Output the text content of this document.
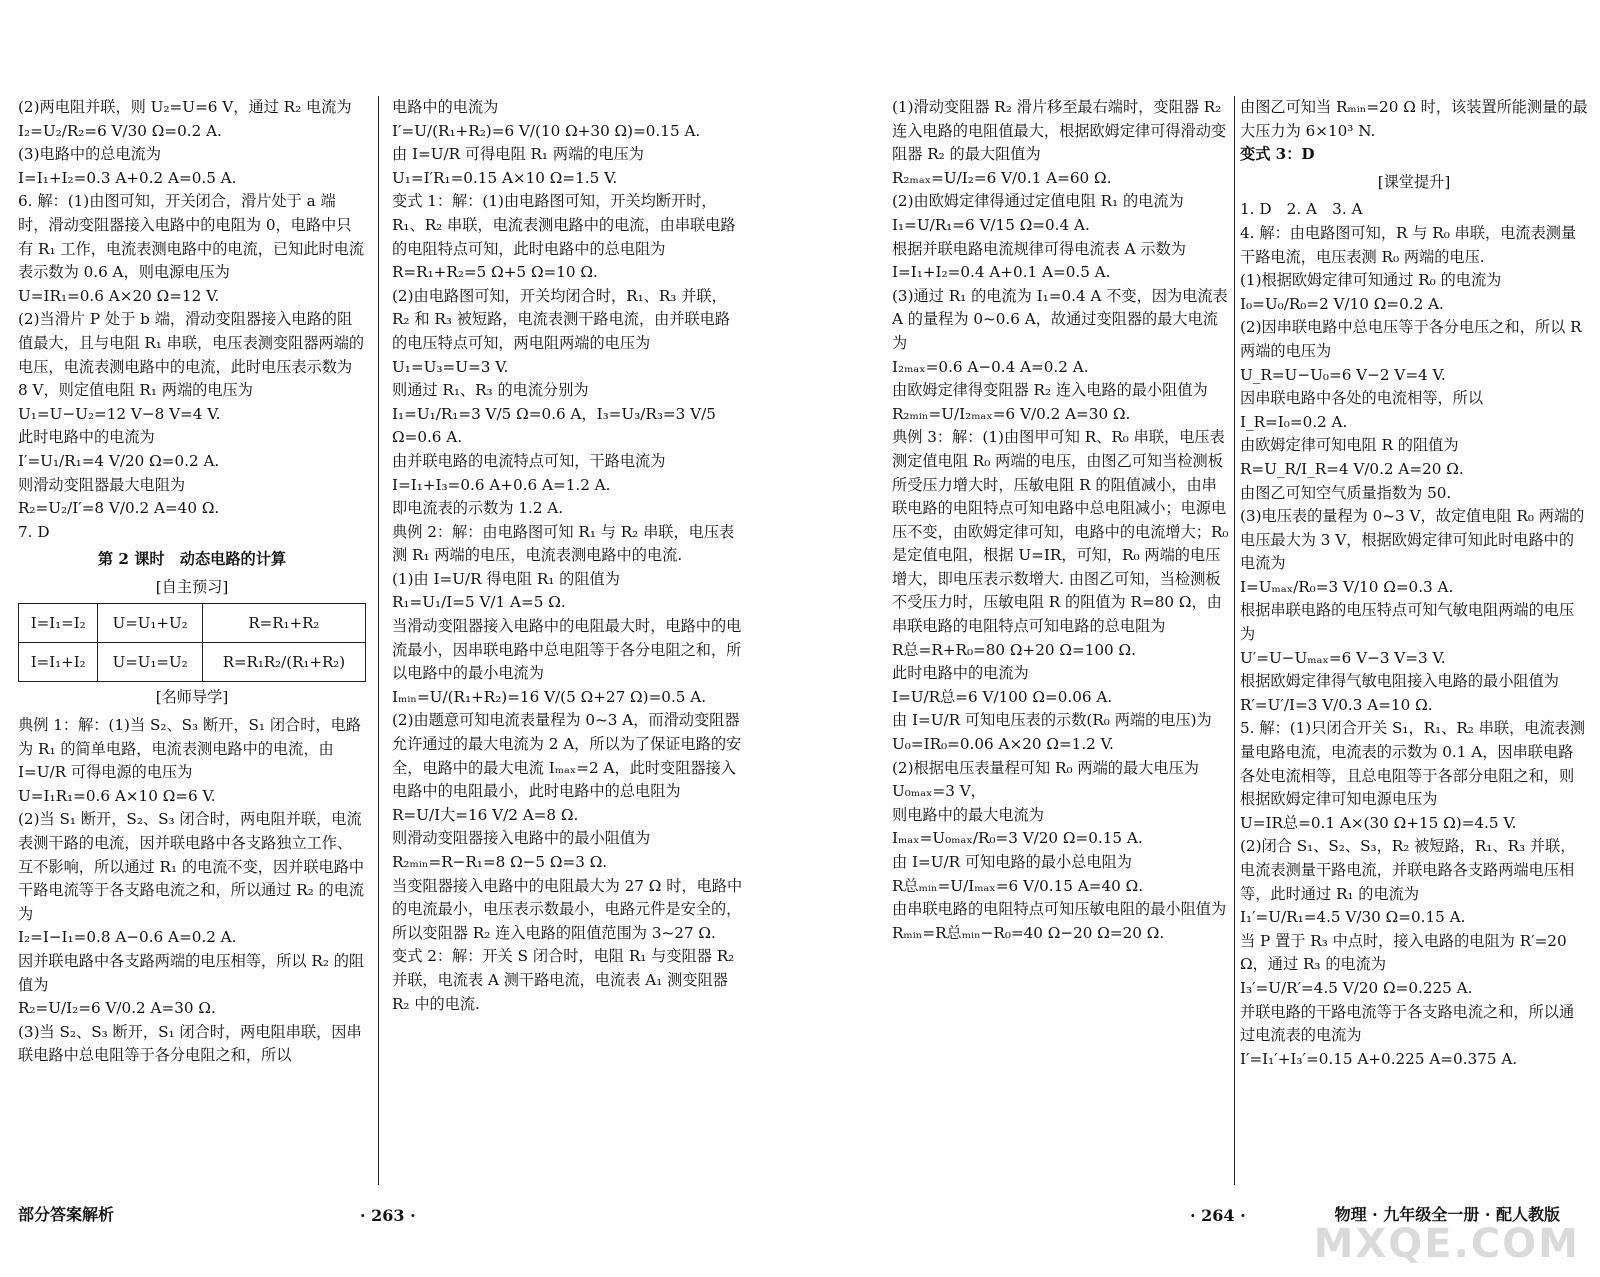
(2)两电阻并联，则 U₂=U=6 V，通过 R₂ 电流为

I₂=U₂/R₂=6 V/30 Ω=0.2 A.

(3)电路中的总电流为

I=I₁+I₂=0.3 A+0.2 A=0.5 A.

6. 解：(1)由图可知，开关闭合，滑片处于 a 端时，滑动变阻器接入电路中的电阻为 0，电路中只有 R₁ 工作，电流表测电路中的电流，已知此时电流表示数为 0.6 A，则电源电压为

U=IR₁=0.6 A×20 Ω=12 V.

(2)当滑片 P 处于 b 端，滑动变阻器接入电路的阻值最大，且与电阻 R₁ 串联，电压表测变阻器两端的电压，电流表测电路中的电流，此时电压表示数为 8 V，则定值电阻 R₁ 两端的电压为

U₁=U−U₂=12 V−8 V=4 V.

此时电路中的电流为

I′=U₁/R₁=4 V/20 Ω=0.2 A.

则滑动变阻器最大电阻为

R₂=U₂/I′=8 V/0.2 A=40 Ω.

7. D

第 2 课时　动态电路的计算

[自主预习]

I=I₁=I₂	U=U₁+U₂	R=R₁+R₂
I=I₁+I₂	U=U₁=U₂	R=R₁R₂/(R₁+R₂)

[名师导学]

典例 1：解：(1)当 S₂、S₃ 断开，S₁ 闭合时，电路为 R₁ 的简单电路，电流表测电路中的电流，由 I=U/R 可得电源的电压为

U=I₁R₁=0.6 A×10 Ω=6 V.

(2)当 S₁ 断开，S₂、S₃ 闭合时，两电阻并联，电流表测干路的电流，因并联电路中各支路独立工作、互不影响，所以通过 R₁ 的电流不变，因并联电路中干路电流等于各支路电流之和，所以通过 R₂ 的电流为

I₂=I−I₁=0.8 A−0.6 A=0.2 A.

因并联电路中各支路两端的电压相等，所以 R₂ 的阻值为

R₂=U/I₂=6 V/0.2 A=30 Ω.

(3)当 S₂、S₃ 断开，S₁ 闭合时，两电阻串联，因串联电路中总电阻等于各分电阻之和，所以

电路中的电流为

I′=U/(R₁+R₂)=6 V/(10 Ω+30 Ω)=0.15 A.

由 I=U/R 可得电阻 R₁ 两端的电压为

U₁=I′R₁=0.15 A×10 Ω=1.5 V.

变式 1：解：(1)由电路图可知，开关均断开时，R₁、R₂ 串联，电流表测电路中的电流，由串联电路的电阻特点可知，此时电路中的总电阻为

R=R₁+R₂=5 Ω+5 Ω=10 Ω.

(2)由电路图可知，开关均闭合时，R₁、R₃ 并联，R₂ 和 R₃ 被短路，电流表测干路电流，由并联电路的电压特点可知，两电阻两端的电压为

U₁=U₃=U=3 V.

则通过 R₁、R₃ 的电流分别为

I₁=U₁/R₁=3 V/5 Ω=0.6 A，I₃=U₃/R₃=3 V/5 Ω=0.6 A.

由并联电路的电流特点可知，干路电流为

I=I₁+I₃=0.6 A+0.6 A=1.2 A.

即电流表的示数为 1.2 A.

典例 2：解：由电路图可知 R₁ 与 R₂ 串联，电压表测 R₁ 两端的电压，电流表测电路中的电流.

(1)由 I=U/R 得电阻 R₁ 的阻值为

R₁=U₁/I=5 V/1 A=5 Ω.

当滑动变阻器接入电路中的电阻最大时，电路中的电流最小，因串联电路中总电阻等于各分电阻之和，所以电路中的最小电流为

Iₘᵢₙ=U/(R₁+R₂)=16 V/(5 Ω+27 Ω)=0.5 A.

(2)由题意可知电流表量程为 0~3 A，而滑动变阻器允许通过的最大电流为 2 A，所以为了保证电路的安全，电路中的最大电流 Iₘₐₓ=2 A，此时变阻器接入电路中的电阻最小，此时电路中的总电阻为

R=U/I大=16 V/2 A=8 Ω.

则滑动变阻器接入电路中的最小阻值为

R₂ₘᵢₙ=R−R₁=8 Ω−5 Ω=3 Ω.

当变阻器接入电路中的电阻最大为 27 Ω 时，电路中的电流最小，电压表示数最小，电路元件是安全的，所以变阻器 R₂ 连入电路的阻值范围为 3~27 Ω.

变式 2：解：开关 S 闭合时，电阻 R₁ 与变阻器 R₂ 并联，电流表 A 测干路电流，电流表 A₁ 测变阻器 R₂ 中的电流.

部分答案解析	· 263 ·

(1)滑动变阻器 R₂ 滑片移至最右端时，变阻器 R₂ 连入电路的电阻值最大，根据欧姆定律可得滑动变阻器 R₂ 的最大阻值为

R₂ₘₐₓ=U/I₂=6 V/0.1 A=60 Ω.

(2)由欧姆定律得通过定值电阻 R₁ 的电流为

I₁=U/R₁=6 V/15 Ω=0.4 A.

根据并联电路电流规律可得电流表 A 示数为

I=I₁+I₂=0.4 A+0.1 A=0.5 A.

(3)通过 R₁ 的电流为 I₁=0.4 A 不变，因为电流表 A 的量程为 0~0.6 A，故通过变阻器的最大电流为

I₂ₘₐₓ=0.6 A−0.4 A=0.2 A.

由欧姆定律得变阻器 R₂ 连入电路的最小阻值为

R₂ₘᵢₙ=U/I₂ₘₐₓ=6 V/0.2 A=30 Ω.

典例 3：解：(1)由图甲可知 R、R₀ 串联，电压表测定值电阻 R₀ 两端的电压，由图乙可知当检测板所受压力增大时，压敏电阻 R 的阻值减小，由串联电路的电阻特点可知电路中总电阻减小；电源电压不变，由欧姆定律可知，电路中的电流增大；R₀ 是定值电阻，根据 U=IR，可知，R₀ 两端的电压增大，即电压表示数增大. 由图乙可知，当检测板不受压力时，压敏电阻 R 的阻值为 R=80 Ω，由串联电路的电阻特点可知电路的总电阻为

R总=R+R₀=80 Ω+20 Ω=100 Ω.

此时电路中的电流为

I=U/R总=6 V/100 Ω=0.06 A.

由 I=U/R 可知电压表的示数(R₀ 两端的电压)为

U₀=IR₀=0.06 A×20 Ω=1.2 V.

(2)根据电压表量程可知 R₀ 两端的最大电压为 U₀ₘₐₓ=3 V，

则电路中的最大电流为

Iₘₐₓ=U₀ₘₐₓ/R₀=3 V/20 Ω=0.15 A.

由 I=U/R 可知电路的最小总电阻为

R总ₘᵢₙ=U/Iₘₐₓ=6 V/0.15 A=40 Ω.

由串联电路的电阻特点可知压敏电阻的最小阻值为

Rₘᵢₙ=R总ₘᵢₙ−R₀=40 Ω−20 Ω=20 Ω.

由图乙可知当 Rₘᵢₙ=20 Ω 时，该装置所能测量的最大压力为 6×10³ N.

变式 3：D

[课堂提升]

1. D　2. A　3. A

4. 解：由电路图可知，R 与 R₀ 串联，电流表测量干路电流，电压表测 R₀ 两端的电压.

(1)根据欧姆定律可知通过 R₀ 的电流为

I₀=U₀/R₀=2 V/10 Ω=0.2 A.

(2)因串联电路中总电压等于各分电压之和，所以 R 两端的电压为

U_R=U−U₀=6 V−2 V=4 V.

因串联电路中各处的电流相等，所以

I_R=I₀=0.2 A.

由欧姆定律可知电阻 R 的阻值为

R=U_R/I_R=4 V/0.2 A=20 Ω.

由图乙可知空气质量指数为 50.

(3)电压表的量程为 0~3 V，故定值电阻 R₀ 两端的电压最大为 3 V，根据欧姆定律可知此时电路中的电流为

I=Uₘₐₓ/R₀=3 V/10 Ω=0.3 A.

根据串联电路的电压特点可知气敏电阻两端的电压为

U′=U−Uₘₐₓ=6 V−3 V=3 V.

根据欧姆定律得气敏电阻接入电路的最小阻值为 R′=U′/I=3 V/0.3 A=10 Ω.

5. 解：(1)只闭合开关 S₁，R₁、R₂ 串联，电流表测量电路电流，电流表的示数为 0.1 A，因串联电路各处电流相等，且总电阻等于各部分电阻之和，则根据欧姆定律可知电源电压为

U=IR总=0.1 A×(30 Ω+15 Ω)=4.5 V.

(2)闭合 S₁、S₂、S₃，R₂ 被短路，R₁、R₃ 并联，电流表测量干路电流，并联电路各支路两端电压相等，此时通过 R₁ 的电流为

I₁′=U/R₁=4.5 V/30 Ω=0.15 A.

当 P 置于 R₃ 中点时，接入电路的电阻为 R′=20 Ω，通过 R₃ 的电流为

I₃′=U/R′=4.5 V/20 Ω=0.225 A.

并联电路的干路电流等于各支路电流之和，所以通过电流表的电流为

I′=I₁′+I₃′=0.15 A+0.225 A=0.375 A.

· 264 ·	物理 · 九年级全一册 · 配人教版
MXQE.COM
